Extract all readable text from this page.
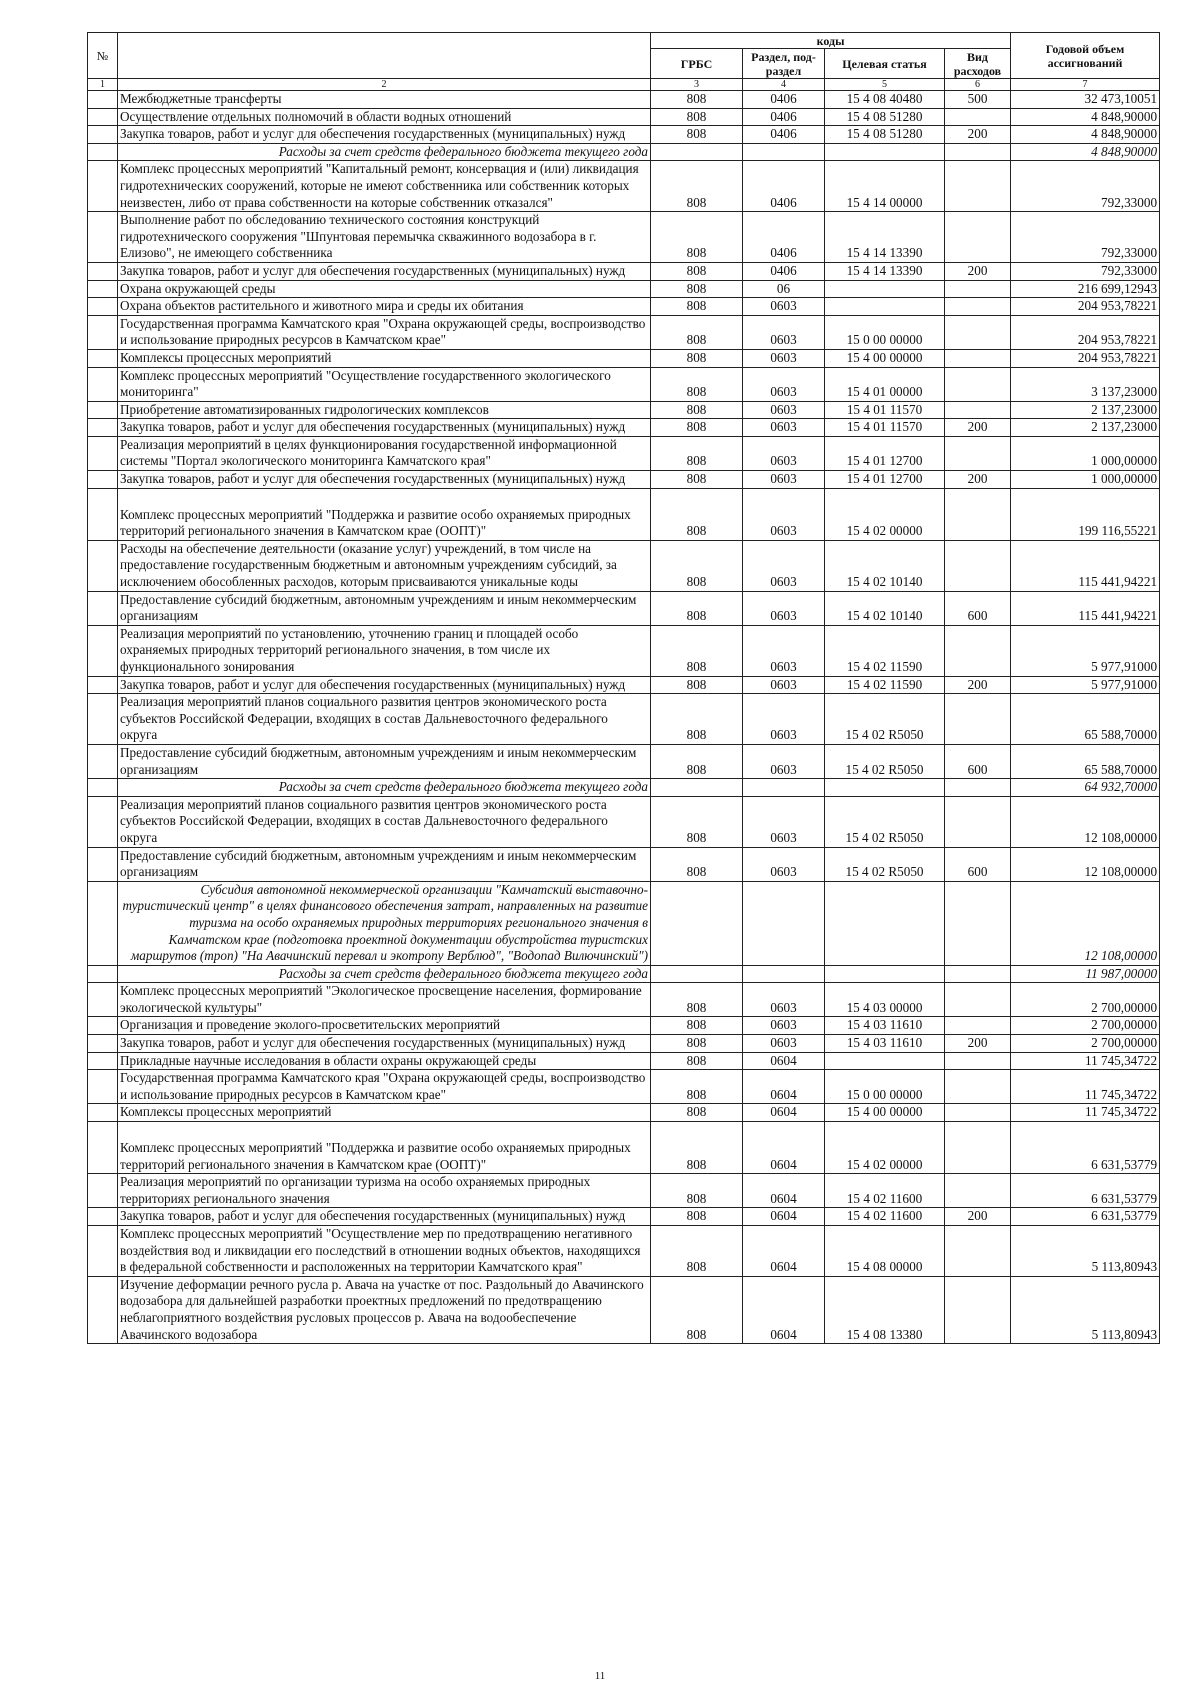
№		коды				Годовой объем ассигнований
		ГРБС	Раздел, под-раздел	Целевая статья	Вид расходов	
1	2	3	4	5	6	7
	Межбюджетные трансферты	808	0406	15 4 08 40480	500	32 473,10051
	Осуществление отдельных полномочий в области водных отношений	808	0406	15 4 08 51280		4 848,90000
	Закупка товаров, работ и услуг для обеспечения государственных (муниципальных) нужд	808	0406	15 4 08 51280	200	4 848,90000
	Расходы за счет средств федерального бюджета текущего года					4 848,90000
	Комплекс процессных мероприятий "Капитальный ремонт, консервация и (или) ликвидация гидротехнических сооружений, которые не имеют собственника или собственник которых неизвестен, либо от права собственности на которые собственник отказался"	808	0406	15 4 14 00000		792,33000
	Выполнение работ по обследованию технического состояния конструкций гидротехнического сооружения "Шпунтовая перемычка скважинного водозабора в г. Елизово", не имеющего собственника	808	0406	15 4 14 13390		792,33000
	Закупка товаров, работ и услуг для обеспечения государственных (муниципальных) нужд	808	0406	15 4 14 13390	200	792,33000
	Охрана окружающей среды	808	06			216 699,12943
	Охрана объектов растительного и животного мира и среды их обитания	808	0603			204 953,78221
	Государственная программа Камчатского края "Охрана окружающей среды, воспроизводство и использование природных ресурсов в Камчатском крае"	808	0603	15 0 00 00000		204 953,78221
	Комплексы процессных мероприятий	808	0603	15 4 00 00000		204 953,78221
	Комплекс процессных мероприятий "Осуществление государственного экологического мониторинга"	808	0603	15 4 01 00000		3 137,23000
	Приобретение автоматизированных гидрологических комплексов	808	0603	15 4 01 11570		2 137,23000
	Закупка товаров, работ и услуг для обеспечения государственных (муниципальных) нужд	808	0603	15 4 01 11570	200	2 137,23000
	Реализация мероприятий в целях функционирования государственной информационной системы "Портал экологического мониторинга Камчатского края"	808	0603	15 4 01 12700		1 000,00000
	Закупка товаров, работ и услуг для обеспечения государственных (муниципальных) нужд	808	0603	15 4 01 12700	200	1 000,00000
	Комплекс процессных мероприятий "Поддержка и развитие особо охраняемых природных территорий регионального значения в Камчатском крае (ООПТ)"	808	0603	15 4 02 00000		199 116,55221
	Расходы на обеспечение деятельности (оказание услуг) учреждений, в том числе на предоставление государственным бюджетным и автономным учреждениям субсидий, за исключением обособленных расходов, которым присваиваются уникальные коды	808	0603	15 4 02 10140		115 441,94221
	Предоставление субсидий бюджетным, автономным учреждениям и иным некоммерческим организациям	808	0603	15 4 02 10140	600	115 441,94221
	Реализация мероприятий по установлению, уточнению границ и площадей особо охраняемых природных территорий регионального значения, в том числе их функционального зонирования	808	0603	15 4 02 11590		5 977,91000
	Закупка товаров, работ и услуг для обеспечения государственных (муниципальных) нужд	808	0603	15 4 02 11590	200	5 977,91000
	Реализация мероприятий планов социального развития центров экономического роста субъектов Российской Федерации, входящих в состав Дальневосточного федерального округа	808	0603	15 4 02 R5050		65 588,70000
	Предоставление субсидий бюджетным, автономным учреждениям и иным некоммерческим организациям	808	0603	15 4 02 R5050	600	65 588,70000
	Расходы за счет средств федерального бюджета текущего года					64 932,70000
	Реализация мероприятий планов социального развития центров экономического роста субъектов Российской Федерации, входящих в состав Дальневосточного федерального округа	808	0603	15 4 02 R5050		12 108,00000
	Предоставление субсидий бюджетным, автономным учреждениям и иным некоммерческим организациям	808	0603	15 4 02 R5050	600	12 108,00000
	Субсидия автономной некоммерческой организации "Камчатский выставочно-туристический центр" в целях финансового обеспечения затрат, направленных на развитие туризма на особо охраняемых природных территориях регионального значения в Камчатском крае (подготовка проектной документации обустройства туристских маршрутов (троп) "На Авачинский перевал и экотропу Верблюд", "Водопад Вилючинский")					12 108,00000
	Расходы за счет средств федерального бюджета текущего года					11 987,00000
	Комплекс процессных мероприятий "Экологическое просвещение населения, формирование экологической культуры"	808	0603	15 4 03 00000		2 700,00000
	Организация и проведение эколого-просветительских мероприятий	808	0603	15 4 03 11610		2 700,00000
	Закупка товаров, работ и услуг для обеспечения государственных (муниципальных) нужд	808	0603	15 4 03 11610	200	2 700,00000
	Прикладные научные исследования в области охраны окружающей среды	808	0604			11 745,34722
	Государственная программа Камчатского края "Охрана окружающей среды, воспроизводство и использование природных ресурсов в Камчатском крае"	808	0604	15 0 00 00000		11 745,34722
	Комплексы процессных мероприятий	808	0604	15 4 00 00000		11 745,34722
	Комплекс процессных мероприятий "Поддержка и развитие особо охраняемых природных территорий регионального значения в Камчатском крае (ООПТ)"	808	0604	15 4 02 00000		6 631,53779
	Реализация мероприятий по организации туризма на особо охраняемых природных территориях регионального значения	808	0604	15 4 02 11600		6 631,53779
	Закупка товаров, работ и услуг для обеспечения государственных (муниципальных) нужд	808	0604	15 4 02 11600	200	6 631,53779
	Комплекс процессных мероприятий "Осуществление мер по предотвращению негативного воздействия вод и ликвидации его последствий в отношении водных объектов, находящихся в федеральной собственности и расположенных на территории Камчатского края"	808	0604	15 4 08 00000		5 113,80943
	Изучение деформации речного русла р. Авача на участке от пос. Раздольный до Авачинского водозабора для дальнейшей разработки проектных предложений по предотвращению неблагоприятного воздействия русловых процессов р. Авача на водообеспечение Авачинского водозабора	808	0604	15 4 08 13380		5 113,80943
11
